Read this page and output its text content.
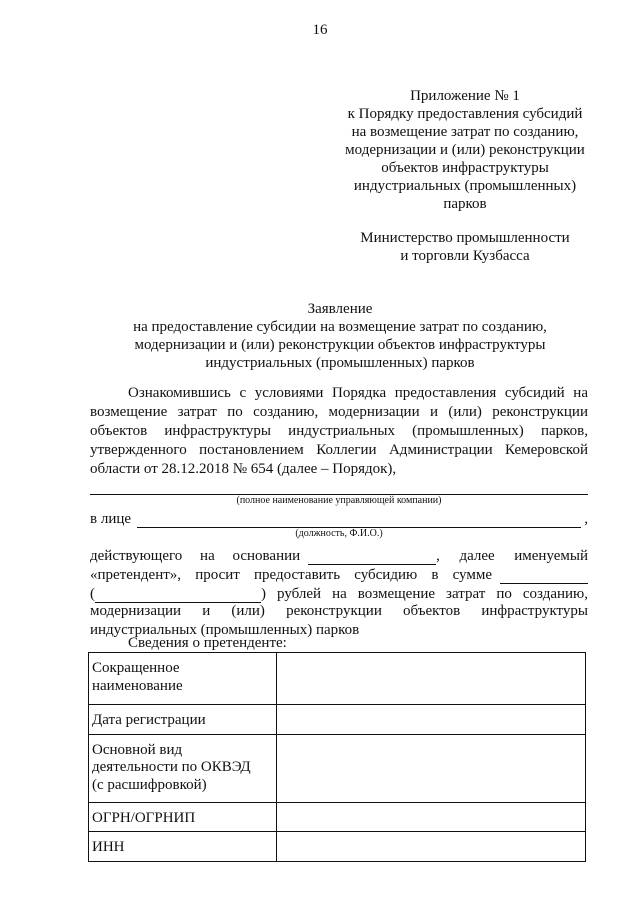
16
Приложение № 1
к Порядку предоставления субсидий
на возмещение затрат по созданию,
модернизации и (или) реконструкции
объектов инфраструктуры
индустриальных (промышленных)
парков
Министерство промышленности
и торговли Кузбасса
Заявление
на предоставление субсидии на возмещение затрат по созданию,
модернизации и (или) реконструкции объектов инфраструктуры
индустриальных (промышленных) парков
Ознакомившись с условиями Порядка предоставления субсидий на
возмещение затрат по созданию, модернизации и (или) реконструкции
объектов инфраструктуры индустриальных (промышленных) парков,
утвержденного постановлением Коллегии Администрации Кемеровской
области от 28.12.2018 № 654 (далее – Порядок),
(полное наименование управляющей компании)
в лице	,
(должность, Ф.И.О.)
действующего на основании	, далее именуемый
«претендент», просит предоставить субсидию в сумме
(	) рублей на возмещение затрат по созданию,
модернизации и (или) реконструкции объектов инфраструктуры
индустриальных (промышленных) парков
Сведения о претенденте:
Сокращенное
наименование	

Дата регистрации	

Основной вид
деятельности по ОКВЭД
(с расшифровкой)	

ОГРН/ОГРНИП	

ИНН	
